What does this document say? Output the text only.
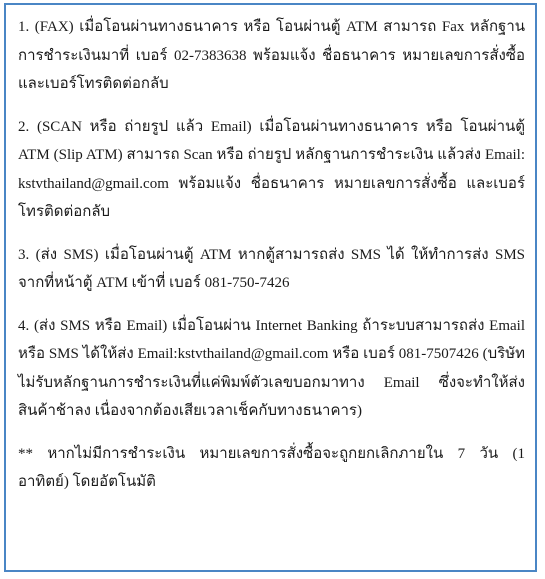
1. (FAX) เมื่อโอนผ่านทางธนาคาร หรือ โอนผ่านตู้ ATM สามารถ Fax หลักฐานการชำระเงินมาที่ เบอร์ 02-7383638 พร้อมแจ้ง ชื่อธนาคาร หมายเลขการสั่งซื้อและเบอร์โทรติดต่อกลับ

2. (SCAN หรือ ถ่ายรูป แล้ว Email) เมื่อโอนผ่านทางธนาคาร หรือ โอนผ่านตู้ ATM (Slip ATM) สามารถ Scan หรือ ถ่ายรูป หลักฐานการชำระเงิน แล้วส่ง Email: kstvthailand@gmail.com พร้อมแจ้ง ชื่อธนาคาร หมายเลขการสั่งซื้อ และเบอร์โทรติดต่อกลับ

3. (ส่ง SMS) เมื่อโอนผ่านตู้ ATM หากตู้สามารถส่ง SMS ได้ ให้ทำการส่ง SMS จากที่หน้าตู้ ATM เข้าที่ เบอร์ 081-750-7426

4. (ส่ง SMS หรือ Email) เมื่อโอนผ่าน Internet Banking ถ้าระบบสามารถส่ง Email หรือ SMS ได้ให้ส่ง Email:kstvthailand@gmail.com หรือ เบอร์ 081-7507426 (บริษัทไม่รับหลักฐานการชำระเงินที่แค่พิมพ์ตัวเลขบอกมาทาง Email ซึ่งจะทำให้ส่งสินค้าช้าลง เนื่องจากต้องเสียเวลาเช็คกับทางธนาคาร)

** หากไม่มีการชำระเงิน หมายเลขการสั่งซื้อจะถูกยกเลิกภายใน 7 วัน (1 อาทิตย์) โดยอัตโนมัติ
